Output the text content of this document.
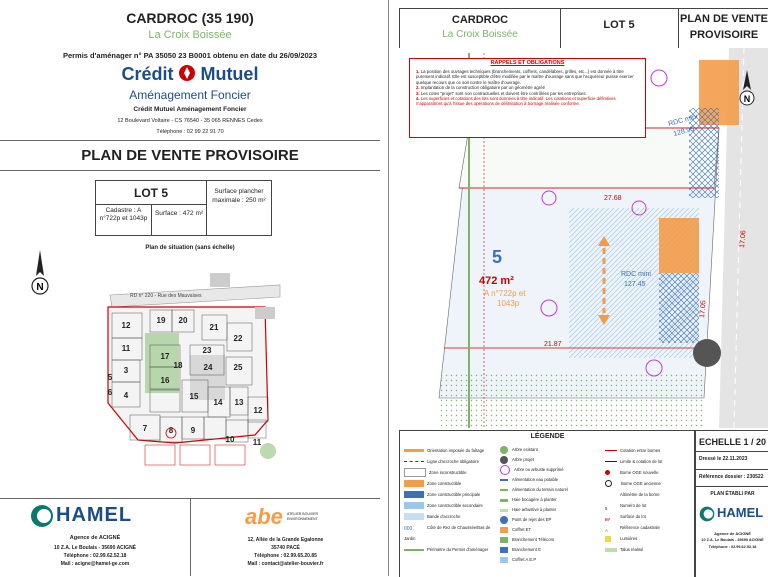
CARDROC (35 190)
La Croix Boissée
Permis d'aménager n° PA 35050 23 B0001 obtenu en date du 26/09/2023
Crédit Mutuel
Aménagement Foncier
Crédit Mutuel Aménagement Foncier
12 Boulevard Voltaire - CS 76540 - 35 065 RENNES Cedex
Téléphone : 02 99 22 91 70
PLAN DE VENTE PROVISOIRE
LOT 5
Cadastre : A n°722p et 1043p
Surface : 472 m²
Surface plancher maximale : 250 m²
Plan de situation (sans échelle)
N
RD n° 220 - Rue des Mauvaises
12
19 20
21
22
11
3
17
18
23
24
4
25
5	16
6	15
14 13
12
7	8 9
10 11
HAMEL
Agence de ACIGNÉ
10 Z.A. Le Boulais - 35690 ACIGNÉ
Téléphone : 02.99.62.52.18
Mail : acigne@hamel-ge.com
abe ATELIER BOUVIER ENVIRONNEMENT
12, Allée de la Grande Egalonne
35740 PACÉ
Téléphone : 02.99.65.20.85
Mail : contact@atelier-bouvier.fr
CARDROC
La Croix Boissée
LOT 5	PLAN DE VENTE
PROVISOIRE
5
472 m²
A n°722p et
1043p
RDC mini
128.95
RDC mini
127.45
27.68
21.87
17.05
17.06
N
RAPPELS ET OBLIGATIONS
1. La position des ouvrages techniques (branchements, coffrets, candélabres, grilles, etc...) est donnée à titre purement indicatif. Elle est susceptible d'être modifiée par le maître d'ouvrage sans que l'acquéreur puisse exercer quelque recours que ce soit contre le maître d'ouvrage.
2. Implantation de la construction obligatoire par un géomètre agréé
3. Les cotes "projet" sont non contractuelles et doivent être contrôlées par les entreprises.
4. Les superficies et cotations des lots sont données à titre indicatif. Les cotations et superficie définitives n'apparaîtront qu'à l'issue des opérations de délimitation à bornage réalisée conforme.
LÉGENDE
Orientation imposée du faîtage
Ligne d'accroche obligatoire
Zone inconstructible
Zone constructible
Zone constructible principale
Zone constructible secondaire
Bande d'accroche
000	Côte de Rez de Chaussée/Bas de Jardin
Périmètre du Permis d'aménager
Arbre existant
Arbre projet
Arbre ou arbuste supprimé
Alimentation eau potable
Alimentation du terrain naturel
Haie bocagère à planter
Haie arbustive à planter
Point de rejet des EP
Coffret ET
Branchement Télécom
Branchement E
Coffret A.E.P
Cotation entre bornes
Limite & cotation de lot
Borne OGE nouvelle
Borne OGE ancienne
Altimétrie de la borne
5Numéro de lot
m²Surface du lot
ARéférence cadastrale
Lumières
Talus réalisé
ECHELLE 1 / 20
Dressé le 22.11.2023
Référence dossier : 230522
PLAN ÉTABLI PAR
HAMEL
Agence de ACIGNÉ
10 Z.A. Le Boulais - 35690 ACIGNÉ
Téléphone : 02.99.62.52.18
